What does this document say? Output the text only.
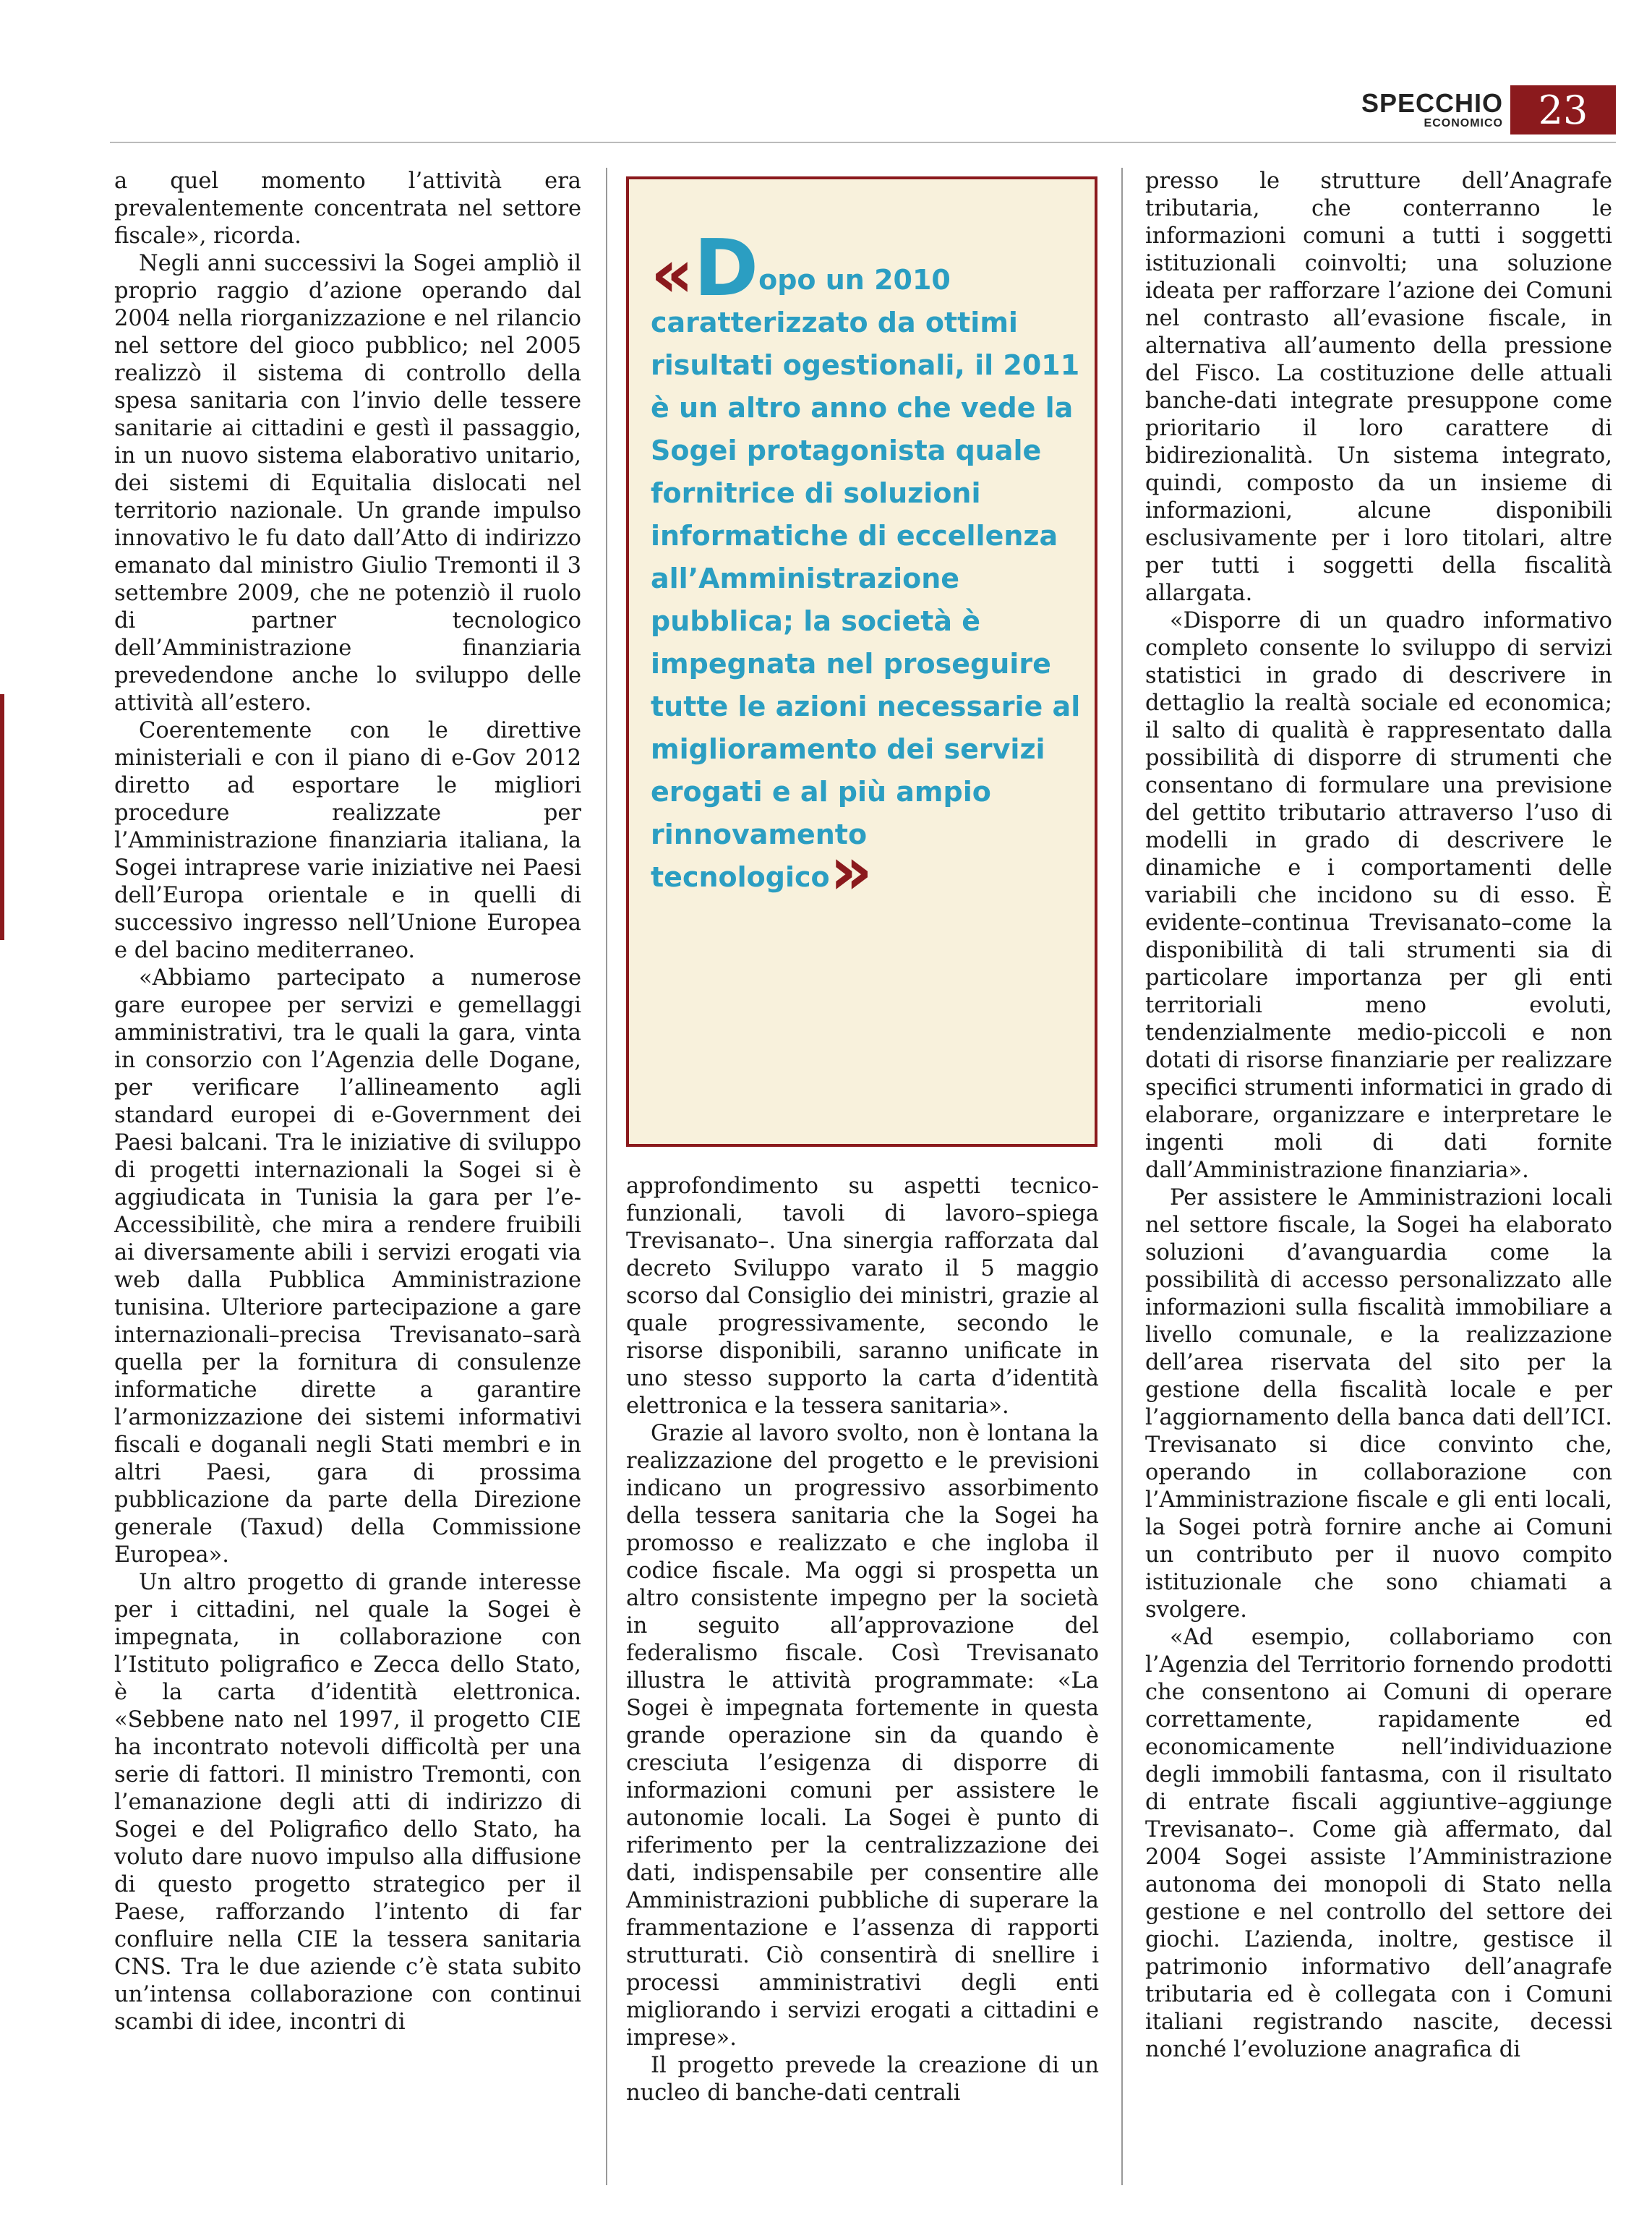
SPECCHIO
ECONOMICO 23

a quel momento l’attività era prevalentemente concentrata nel settore fiscale», ricorda.

Negli anni successivi la Sogei ampliò il proprio raggio d’azione operando dal 2004 nella riorganizzazione e nel rilancio nel settore del gioco pubblico; nel 2005 realizzò il sistema di controllo della spesa sanitaria con l’invio delle tessere sanitarie ai cittadini e gestì il passaggio, in un nuovo sistema elaborativo unitario, dei sistemi di Equitalia dislocati nel territorio nazionale. Un grande impulso innovativo le fu dato dall’Atto di indirizzo emanato dal ministro Giulio Tremonti il 3 settembre 2009, che ne potenziò il ruolo di partner tecnologico dell’Amministrazione finanziaria prevedendone anche lo sviluppo delle attività all’estero.

Coerentemente con le direttive ministeriali e con il piano di e-Gov 2012 diretto ad esportare le migliori procedure realizzate per l’Amministrazione finanziaria italiana, la Sogei intraprese varie iniziative nei Paesi dell’Europa orientale e in quelli di successivo ingresso nell’Unione Europea e del bacino mediterraneo.

«Abbiamo partecipato a numerose gare europee per servizi e gemellaggi amministrativi, tra le quali la gara, vinta in consorzio con l’Agenzia delle Dogane, per verificare l’allineamento agli standard europei di e-Government dei Paesi balcani. Tra le iniziative di sviluppo di progetti internazionali la Sogei si è aggiudicata in Tunisia la gara per l’e-Accessibilitè, che mira a rendere fruibili ai diversamente abili i servizi erogati via web dalla Pubblica Amministrazione tunisina. Ulteriore partecipazione a gare internazionali–precisa Trevisanato–sarà quella per la fornitura di consulenze informatiche dirette a garantire l’armonizzazione dei sistemi informativi fiscali e doganali negli Stati membri e in altri Paesi, gara di prossima pubblicazione da parte della Direzione generale (Taxud) della Commissione Europea».

Un altro progetto di grande interesse per i cittadini, nel quale la Sogei è impegnata, in collaborazione con l’Istituto poligrafico e Zecca dello Stato, è la carta d’identità elettronica. «Sebbene nato nel 1997, il progetto CIE ha incontrato notevoli difficoltà per una serie di fattori. Il ministro Tremonti, con l’emanazione degli atti di indirizzo di Sogei e del Poligrafico dello Stato, ha voluto dare nuovo impulso alla diffusione di questo progetto strategico per il Paese, rafforzando l’intento di far confluire nella CIE la tessera sanitaria CNS. Tra le due aziende c’è stata subito un’intensa collaborazione con continui scambi di idee, incontri di

«Dopo un 2010 caratterizzato da ottimi risultati ogestionali, il 2011 è un altro anno che vede la Sogei protagonista quale fornitrice di soluzioni informatiche di eccellenza all’Amministrazione pubblica; la società è impegnata nel proseguire tutte le azioni necessarie al miglioramento dei servizi erogati e al più ampio rinnovamento tecnologico»

approfondimento su aspetti tecnico-funzionali, tavoli di lavoro–spiega Trevisanato–. Una sinergia rafforzata dal decreto Sviluppo varato il 5 maggio scorso dal Consiglio dei ministri, grazie al quale progressivamente, secondo le risorse disponibili, saranno unificate in uno stesso supporto la carta d’identità elettronica e la tessera sanitaria».

Grazie al lavoro svolto, non è lontana la realizzazione del progetto e le previsioni indicano un progressivo assorbimento della tessera sanitaria che la Sogei ha promosso e realizzato e che ingloba il codice fiscale. Ma oggi si prospetta un altro consistente impegno per la società in seguito all’approvazione del federalismo fiscale. Così Trevisanato illustra le attività programmate: «La Sogei è impegnata fortemente in questa grande operazione sin da quando è cresciuta l’esigenza di disporre di informazioni comuni per assistere le autonomie locali. La Sogei è punto di riferimento per la centralizzazione dei dati, indispensabile per consentire alle Amministrazioni pubbliche di superare la frammentazione e l’assenza di rapporti strutturati. Ciò consentirà di snellire i processi amministrativi degli enti migliorando i servizi erogati a cittadini e imprese».

Il progetto prevede la creazione di un nucleo di banche-dati centrali

presso le strutture dell’Anagrafe tributaria, che conterranno le informazioni comuni a tutti i soggetti istituzionali coinvolti; una soluzione ideata per rafforzare l’azione dei Comuni nel contrasto all’evasione fiscale, in alternativa all’aumento della pressione del Fisco. La costituzione delle attuali banche-dati integrate presuppone come prioritario il loro carattere di bidirezionalità. Un sistema integrato, quindi, composto da un insieme di informazioni, alcune disponibili esclusivamente per i loro titolari, altre per tutti i soggetti della fiscalità allargata.

«Disporre di un quadro informativo completo consente lo sviluppo di servizi statistici in grado di descrivere in dettaglio la realtà sociale ed economica; il salto di qualità è rappresentato dalla possibilità di disporre di strumenti che consentano di formulare una previsione del gettito tributario attraverso l’uso di modelli in grado di descrivere le dinamiche e i comportamenti delle variabili che incidono su di esso. È evidente–continua Trevisanato–come la disponibilità di tali strumenti sia di particolare importanza per gli enti territoriali meno evoluti, tendenzialmente medio-piccoli e non dotati di risorse finanziarie per realizzare specifici strumenti informatici in grado di elaborare, organizzare e interpretare le ingenti moli di dati fornite dall’Amministrazione finanziaria».

Per assistere le Amministrazioni locali nel settore fiscale, la Sogei ha elaborato soluzioni d’avanguardia come la possibilità di accesso personalizzato alle informazioni sulla fiscalità immobiliare a livello comunale, e la realizzazione dell’area riservata del sito per la gestione della fiscalità locale e per l’aggiornamento della banca dati dell’ICI. Trevisanato si dice convinto che, operando in collaborazione con l’Amministrazione fiscale e gli enti locali, la Sogei potrà fornire anche ai Comuni un contributo per il nuovo compito istituzionale che sono chiamati a svolgere.

«Ad esempio, collaboriamo con l’Agenzia del Territorio fornendo prodotti che consentono ai Comuni di operare correttamente, rapidamente ed economicamente nell’individuazione degli immobili fantasma, con il risultato di entrate fiscali aggiuntive–aggiunge Trevisanato–. Come già affermato, dal 2004 Sogei assiste l’Amministrazione autonoma dei monopoli di Stato nella gestione e nel controllo del settore dei giochi. L’azienda, inoltre, gestisce il patrimonio informativo dell’anagrafe tributaria ed è collegata con i Comuni italiani registrando nascite, decessi nonché l’evoluzione anagrafica di
